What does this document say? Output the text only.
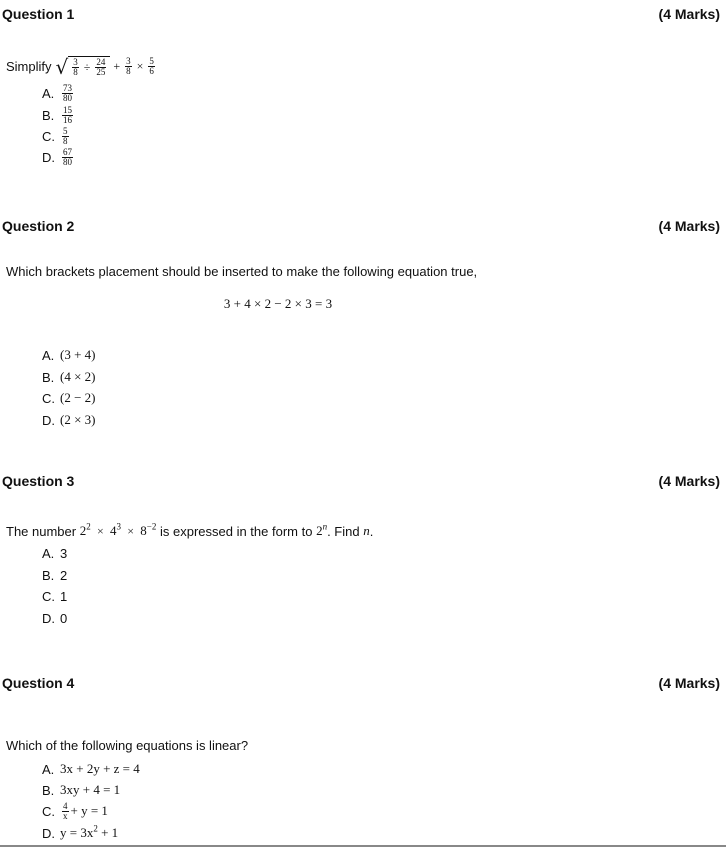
Question 1	(4 Marks)
Simplify √ $\frac{3}{8} \div \frac{24}{25} + \frac{3}{8} \times \frac{5}{6}$
A. $\frac{73}{80}$
B. $\frac{15}{16}$
C. $\frac{5}{8}$
D. $\frac{67}{80}$
Question 2	(4 Marks)
Which brackets placement should be inserted to make the following equation true,
3 + 4 × 2 − 2 × 3 = 3
A. (3 + 4)
B. (4 × 2)
C. (2 − 2)
D. (2 × 3)
Question 3	(4 Marks)
The number
$2^2 \times 4^3 \times 8^{-2}$
is expressed in the form to
2$^n$ . Find
n .
A. 3
B. 2
C. 1
D. 0
Question 4	(4 Marks)
Which of the following equations is linear?
A. 3x + 2y + z = 4
B. 3xy + 4 = 1
C. $\frac{4}{x} + y = 1$
D. $y = 3x^2 + 1$
